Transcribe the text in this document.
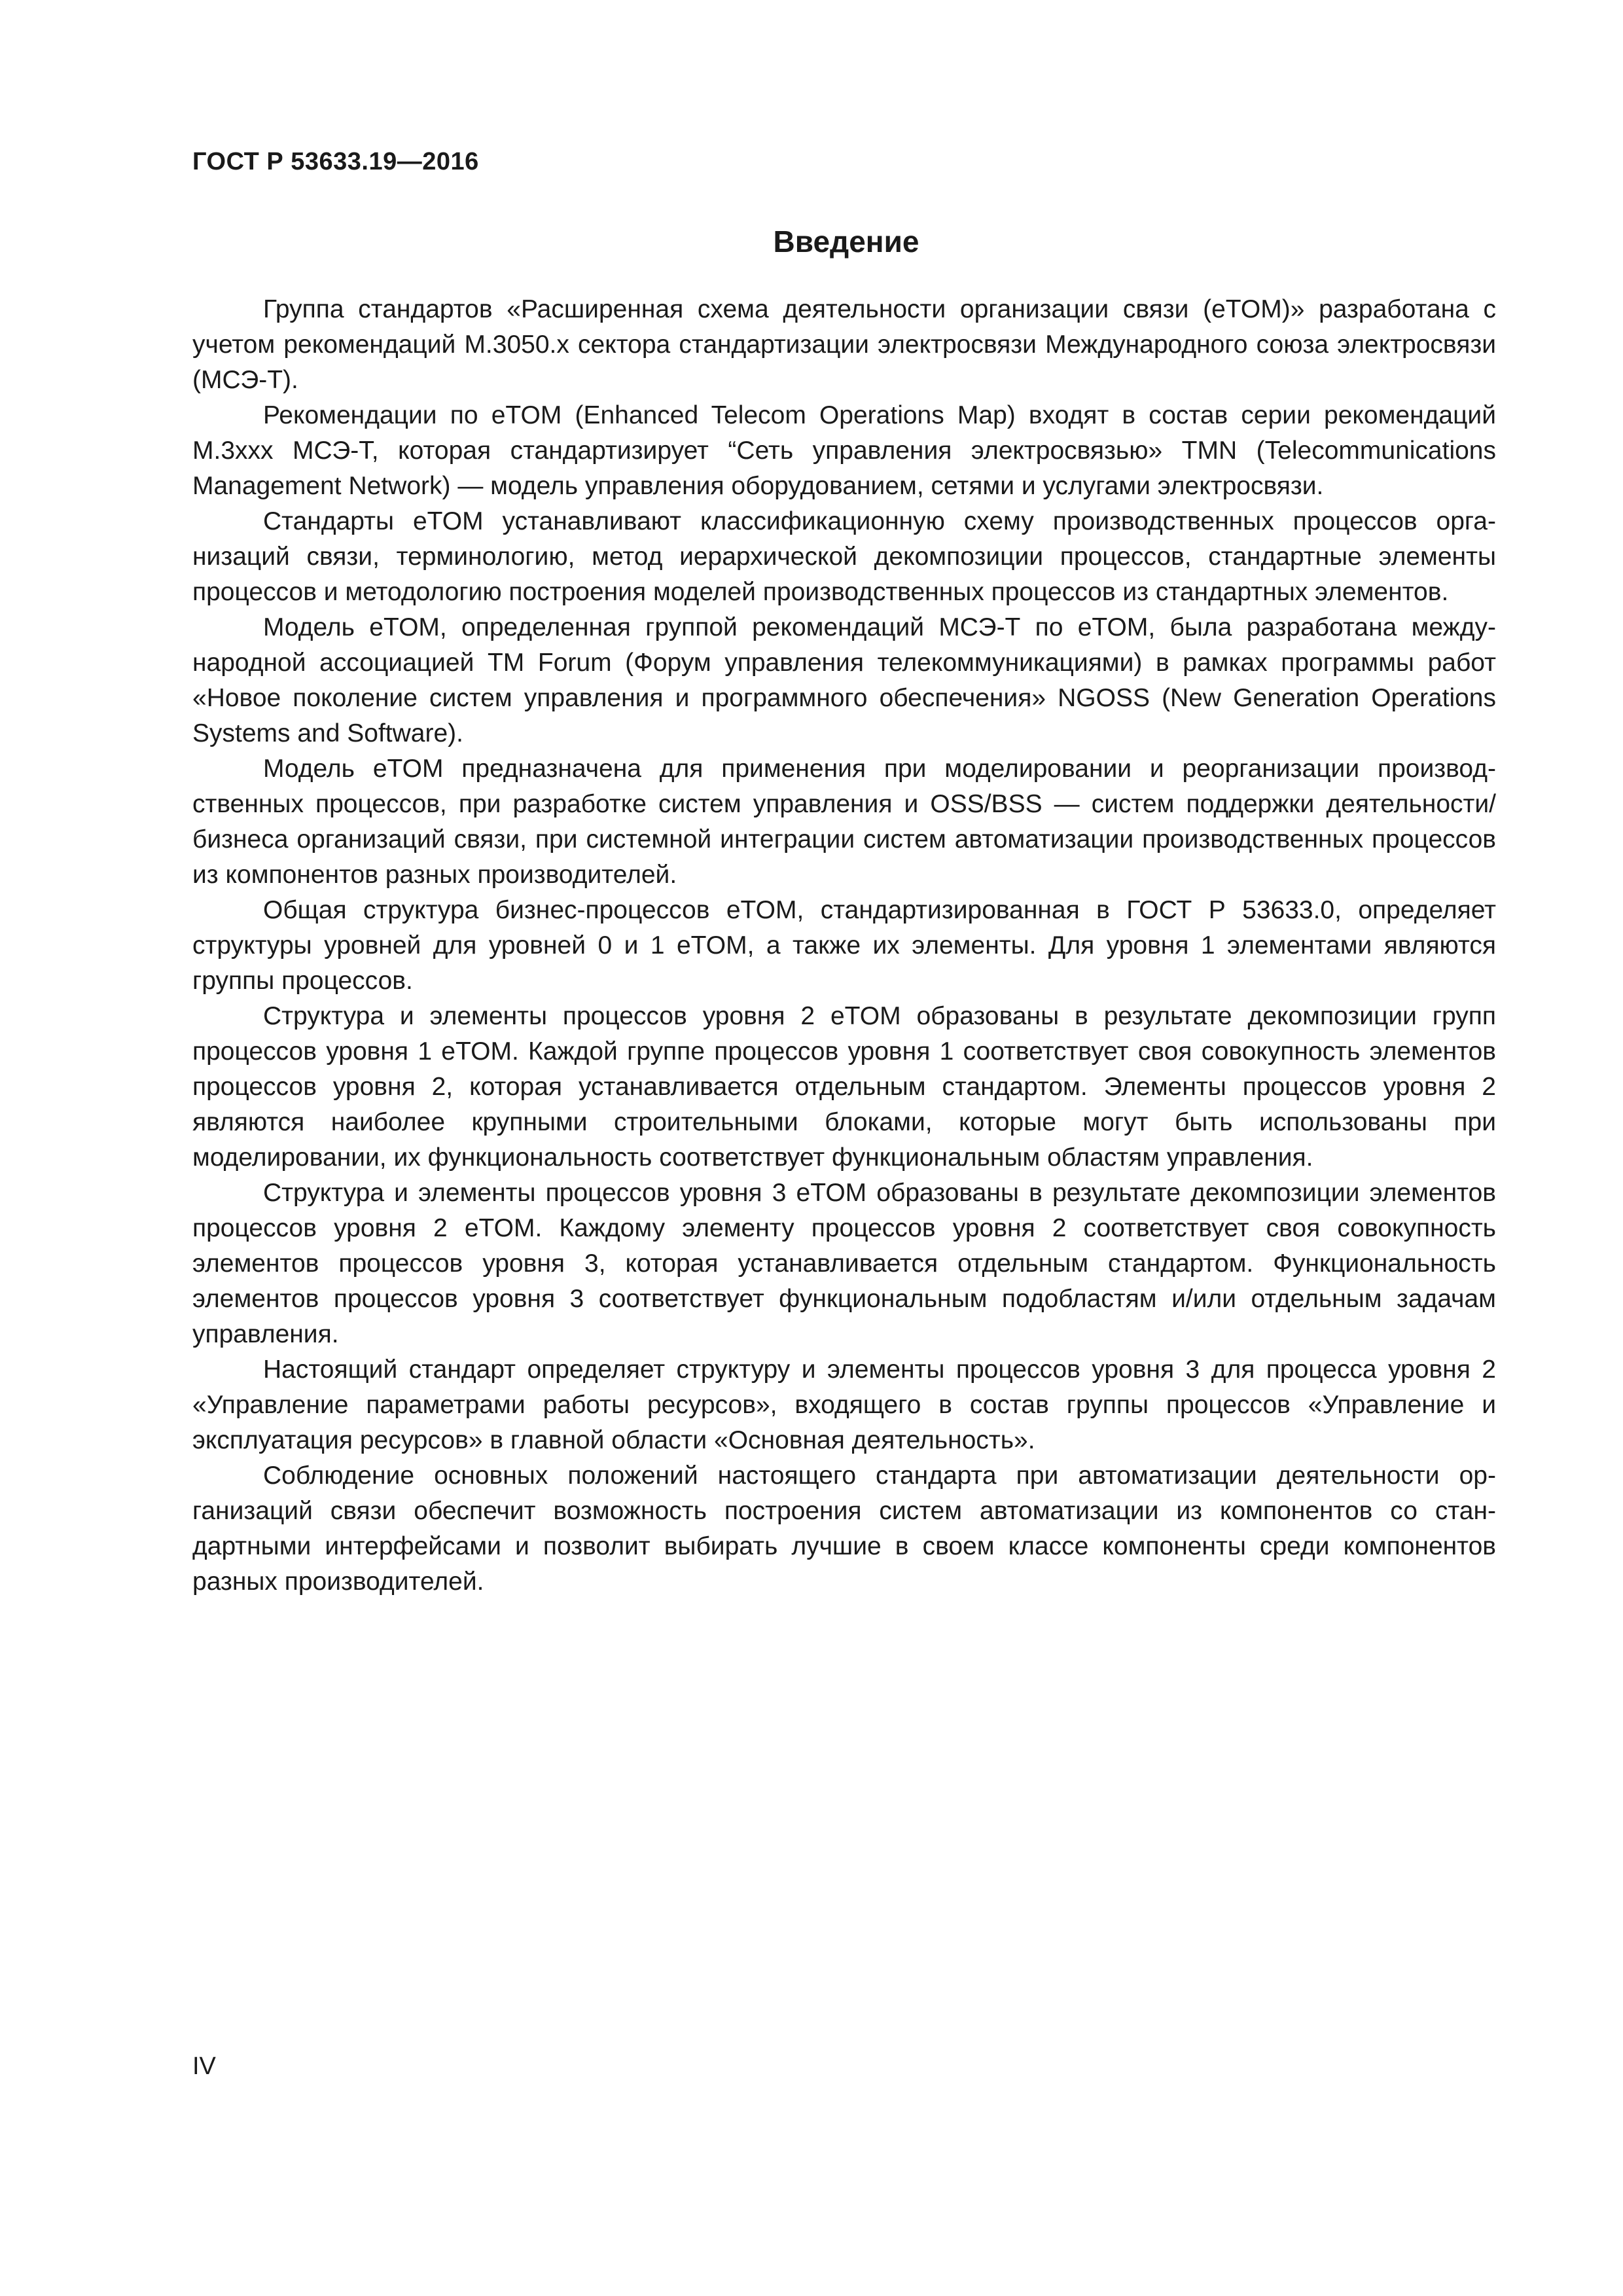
ГОСТ Р 53633.19—2016

Введение

Группа стандартов «Расширенная схема деятельности организации связи (eTOM)» разработана с учетом рекомендаций М.3050.х сектора стандартизации электросвязи Международного союза электросвязи (МСЭ-Т).

Рекомендации по eTOM (Enhanced Telecom Operations Map) входят в состав серии рекомендаций М.3ххх МСЭ-Т, которая стандартизирует “Сеть управления электросвязью» TMN (Telecommunications Management Network) — модель управления оборудованием, сетями и услугами электросвязи.

Стандарты eTOM устанавливают классификационную схему производственных процессов организаций связи, терминологию, метод иерархической декомпозиции процессов, стандартные элементы процессов и методологию построения моделей производственных процессов из стандартных элементов.

Модель eTOM, определенная группой рекомендаций МСЭ-Т по eTOM, была разработана международной ассоциацией TM Forum (Форум управления телекоммуникациями) в рамках программы работ «Новое поколение систем управления и программного обеспечения» NGOSS (New Generation Operations Systems and Software).

Модель eTOM предназначена для применения при моделировании и реорганизации производственных процессов, при разработке систем управления и OSS/BSS — систем поддержки деятельности/бизнеса организаций связи, при системной интеграции систем автоматизации производственных процессов из компонентов разных производителей.

Общая структура бизнес-процессов eTOM, стандартизированная в ГОСТ Р 53633.0, определяет структуры уровней для уровней 0 и 1 eTOM, а также их элементы. Для уровня 1 элементами являются группы процессов.

Структура и элементы процессов уровня 2 eTOM образованы в результате декомпозиции групп процессов уровня 1 eTOM. Каждой группе процессов уровня 1 соответствует своя совокупность элементов процессов уровня 2, которая устанавливается отдельным стандартом. Элементы процессов уровня 2 являются наиболее крупными строительными блоками, которые могут быть использованы при моделировании, их функциональность соответствует функциональным областям управления.

Структура и элементы процессов уровня 3 eTOM образованы в результате декомпозиции элементов процессов уровня 2 eTOM. Каждому элементу процессов уровня 2 соответствует своя совокупность элементов процессов уровня 3, которая устанавливается отдельным стандартом. Функциональность элементов процессов уровня 3 соответствует функциональным подобластям и/или отдельным задачам управления.

Настоящий стандарт определяет структуру и элементы процессов уровня 3 для процесса уровня 2 «Управление параметрами работы ресурсов», входящего в состав группы процессов «Управление и эксплуатация ресурсов» в главной области «Основная деятельность».

Соблюдение основных положений настоящего стандарта при автоматизации деятельности организаций связи обеспечит возможность построения систем автоматизации из компонентов со стандартными интерфейсами и позволит выбирать лучшие в своем классе компоненты среди компонентов разных производителей.

IV
